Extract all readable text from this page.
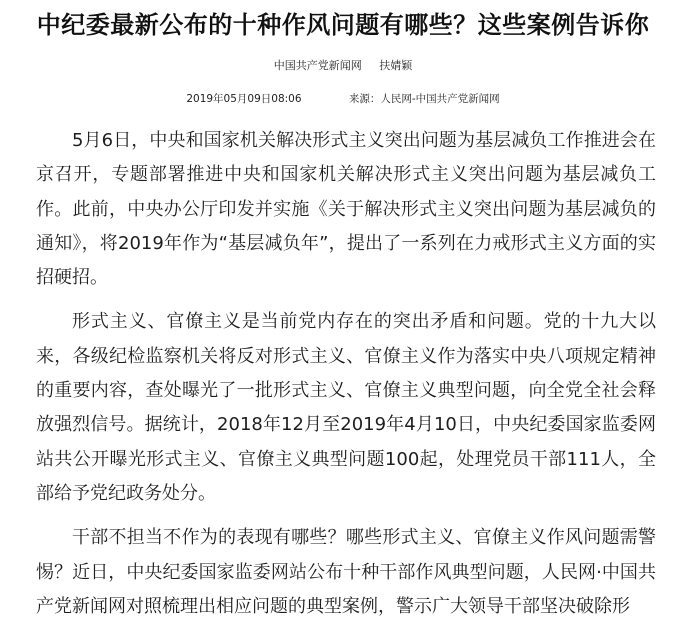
中纪委最新公布的十种作风问题有哪些？这些案例告诉你
中国共产党新闻网 扶婧颖
2019年05月09日08:06	来源：人民网-中国共产党新闻网

5月6日，中央和国家机关解决形式主义突出问题为基层减负工作推进会在京召开，专题部署推进中央和国家机关解决形式主义突出问题为基层减负工作。此前，中央办公厅印发并实施《关于解决形式主义突出问题为基层减负的通知》，将2019年作为“基层减负年”，提出了一系列在力戒形式主义方面的实招硬招。

形式主义、官僚主义是当前党内存在的突出矛盾和问题。党的十九大以来，各级纪检监察机关将反对形式主义、官僚主义作为落实中央八项规定精神的重要内容，查处曝光了一批形式主义、官僚主义典型问题，向全党全社会释放强烈信号。据统计，2018年12月至2019年4月10日，中央纪委国家监委网站共公开曝光形式主义、官僚主义典型问题100起，处理党员干部111人，全部给予党纪政务处分。

干部不担当不作为的表现有哪些？哪些形式主义、官僚主义作风问题需警惕？近日，中央纪委国家监委网站公布十种干部作风典型问题，人民网·中国共产党新闻网对照梳理出相应问题的典型案例，警示广大领导干部坚决破除形
